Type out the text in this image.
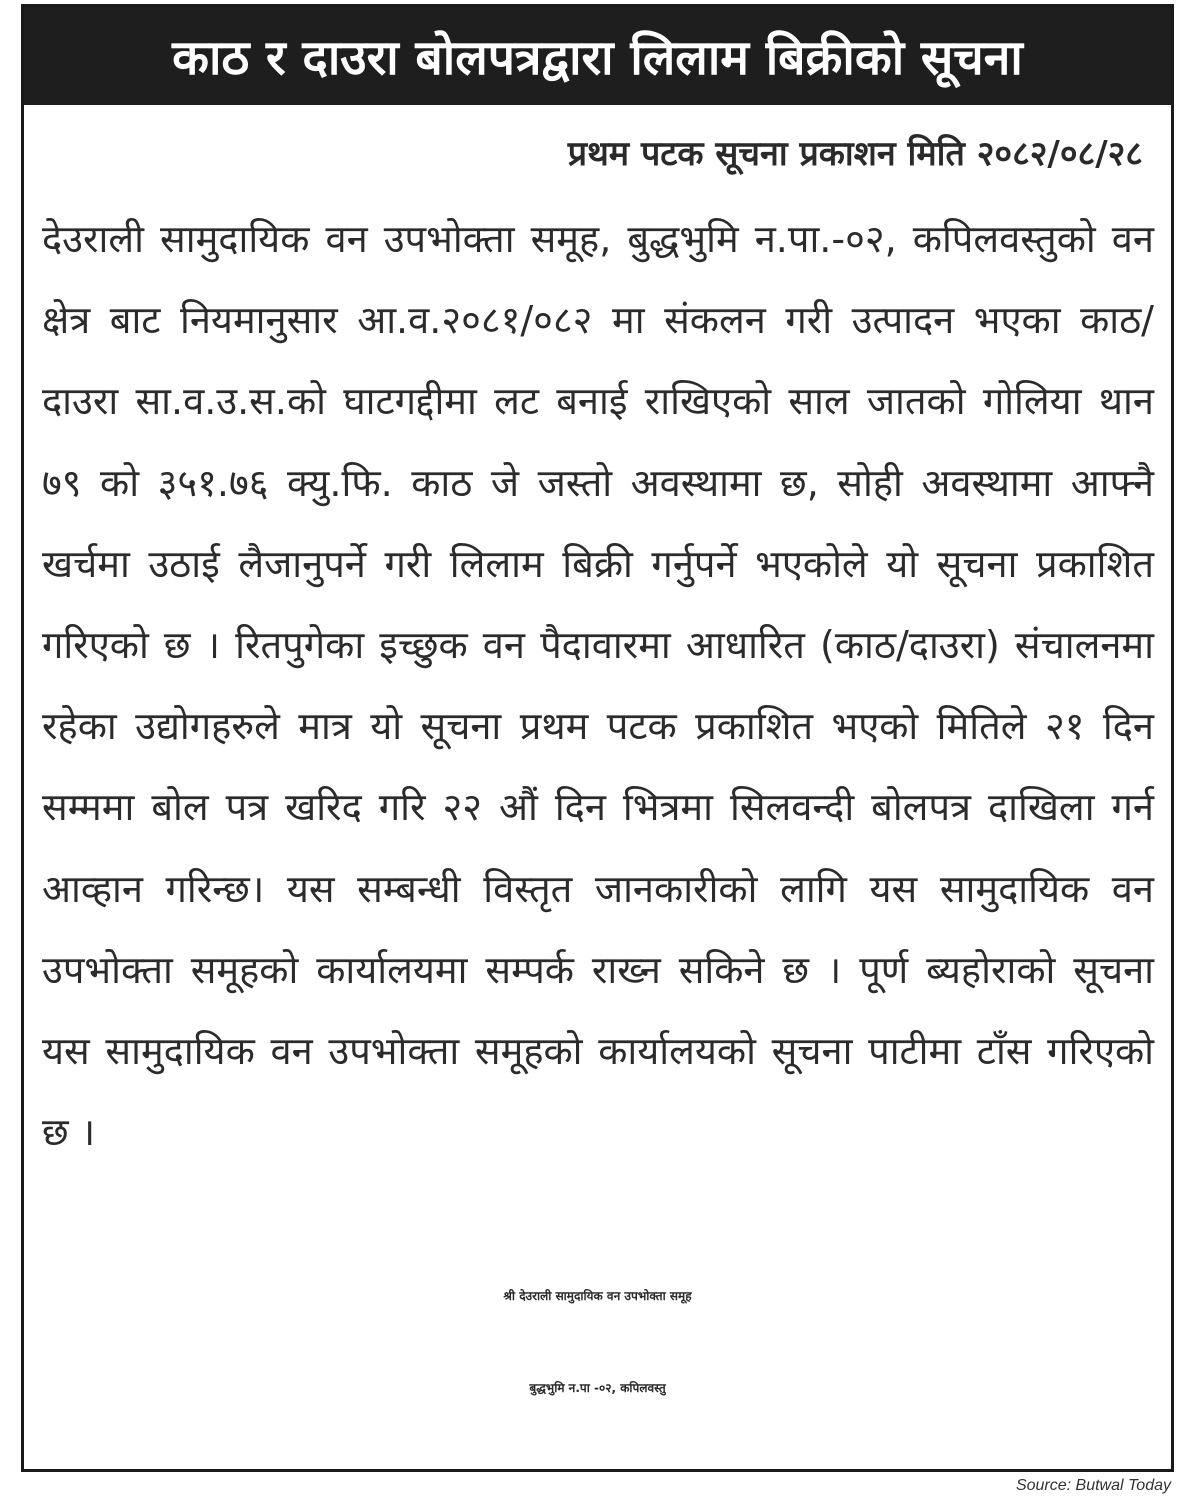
काठ र दाउरा बोलपत्रद्वारा लिलाम बिक्रीको सूचना
प्रथम पटक सूचना प्रकाशन मिति २०८२/०८/२८
देउराली सामुदायिक वन उपभोक्ता समूह, बुद्धभुमि न.पा.-०२, कपिलवस्तुको वन क्षेत्र बाट नियमानुसार आ.व.२०८१/०८२ मा संकलन गरी उत्पादन भएका काठ/दाउरा सा.व.उ.स.को घाटगद्दीमा लट बनाई राखिएको साल जातको गोलिया थान ७९ को ३५१.७६ क्यु.फि. काठ जे जस्तो अवस्थामा छ, सोही अवस्थामा आफ्नै खर्चमा उठाई लैजानुपर्ने गरी लिलाम बिक्री गर्नुपर्ने भएकोले यो सूचना प्रकाशित गरिएको छ । रितपुगेका इच्छुक वन पैदावारमा आधारित (काठ/दाउरा) संचालनमा रहेका उद्योगहरुले मात्र यो सूचना प्रथम पटक प्रकाशित भएको मितिले २१ दिन सम्ममा बोल पत्र खरिद गरि २२ औं दिन भित्रमा सिलवन्दी बोलपत्र दाखिला गर्न आव्हान गरिन्छ। यस सम्बन्धी विस्तृत जानकारीको लागि यस सामुदायिक वन उपभोक्ता समूहको कार्यालयमा सम्पर्क राख्न सकिने छ । पूर्ण ब्यहोराको सूचना यस सामुदायिक वन उपभोक्ता समूहको कार्यालयको सूचना पाटीमा टाँस गरिएको छ ।
श्री देउराली सामुदायिक वन उपभोक्ता समूह
बुद्धभुमि न.पा -०२, कपिलवस्तु
Source: Butwal Today
